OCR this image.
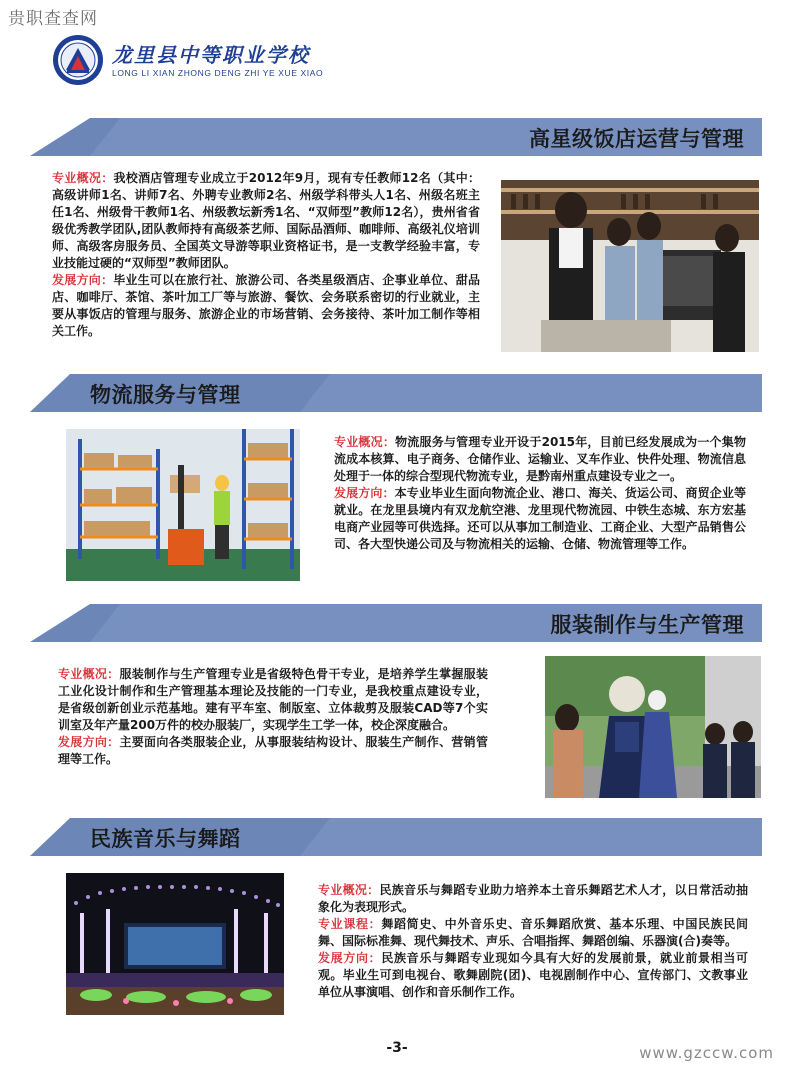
贵职查查网
www.gzccw.com
龙里县中等职业学校
LONG LI XIAN ZHONG DENG ZHI YE XUE XIAO
高星级饭店运营与管理

专业概况：我校酒店管理专业成立于2012年9月，现有专任教师12名（其中：高级讲师1名、讲师7名、外聘专业教师2名、州级学科带头人1名、州级名班主任1名、州级骨干教师1名、州级教坛新秀1名、“双师型”教师12名），贵州省省级优秀教学团队,团队教师持有高级茶艺师、国际品酒师、咖啡师、高级礼仪培训师、高级客房服务员、全国英文导游等职业资格证书，是一支教学经验丰富，专业技能过硬的“双师型”教师团队。

发展方向：毕业生可以在旅行社、旅游公司、各类星级酒店、企事业单位、甜品店、咖啡厅、茶馆、茶叶加工厂等与旅游、餐饮、会务联系密切的行业就业，主要从事饭店的管理与服务、旅游企业的市场营销、会务接待、茶叶加工制作等相关工作。

物流服务与管理

专业概况：物流服务与管理专业开设于2015年，目前已经发展成为一个集物流成本核算、电子商务、仓储作业、运输业、叉车作业、快件处理、物流信息处理于一体的综合型现代物流专业，是黔南州重点建设专业之一。

发展方向：本专业毕业生面向物流企业、港口、海关、货运公司、商贸企业等就业。在龙里县境内有双龙航空港、龙里现代物流园、中铁生态城、东方宏基电商产业园等可供选择。还可以从事加工制造业、工商企业、大型产品销售公司、各大型快递公司及与物流相关的运输、仓储、物流管理等工作。

服装制作与生产管理

专业概况：服装制作与生产管理专业是省级特色骨干专业，是培养学生掌握服装工业化设计制作和生产管理基本理论及技能的一门专业，是我校重点建设专业，是省级创新创业示范基地。建有平车室、制版室、立体裁剪及服装CAD等7个实训室及年产量200万件的校办服装厂，实现学生工学一体，校企深度融合。

发展方向：主要面向各类服装企业，从事服装结构设计、服装生产制作、营销管理等工作。

民族音乐与舞蹈

专业概况：民族音乐与舞蹈专业助力培养本土音乐舞蹈艺术人才，以日常活动抽象化为表现形式。

专业课程：舞蹈简史、中外音乐史、音乐舞蹈欣赏、基本乐理、中国民族民间舞、国际标准舞、现代舞技术、声乐、合唱指挥、舞蹈创编、乐器演(合)奏等。

发展方向：民族音乐与舞蹈专业现如今具有大好的发展前景，就业前景相当可观。毕业生可到电视台、歌舞剧院(团)、电视剧制作中心、宣传部门、文教事业单位从事演唱、创作和音乐制作工作。

-3-
